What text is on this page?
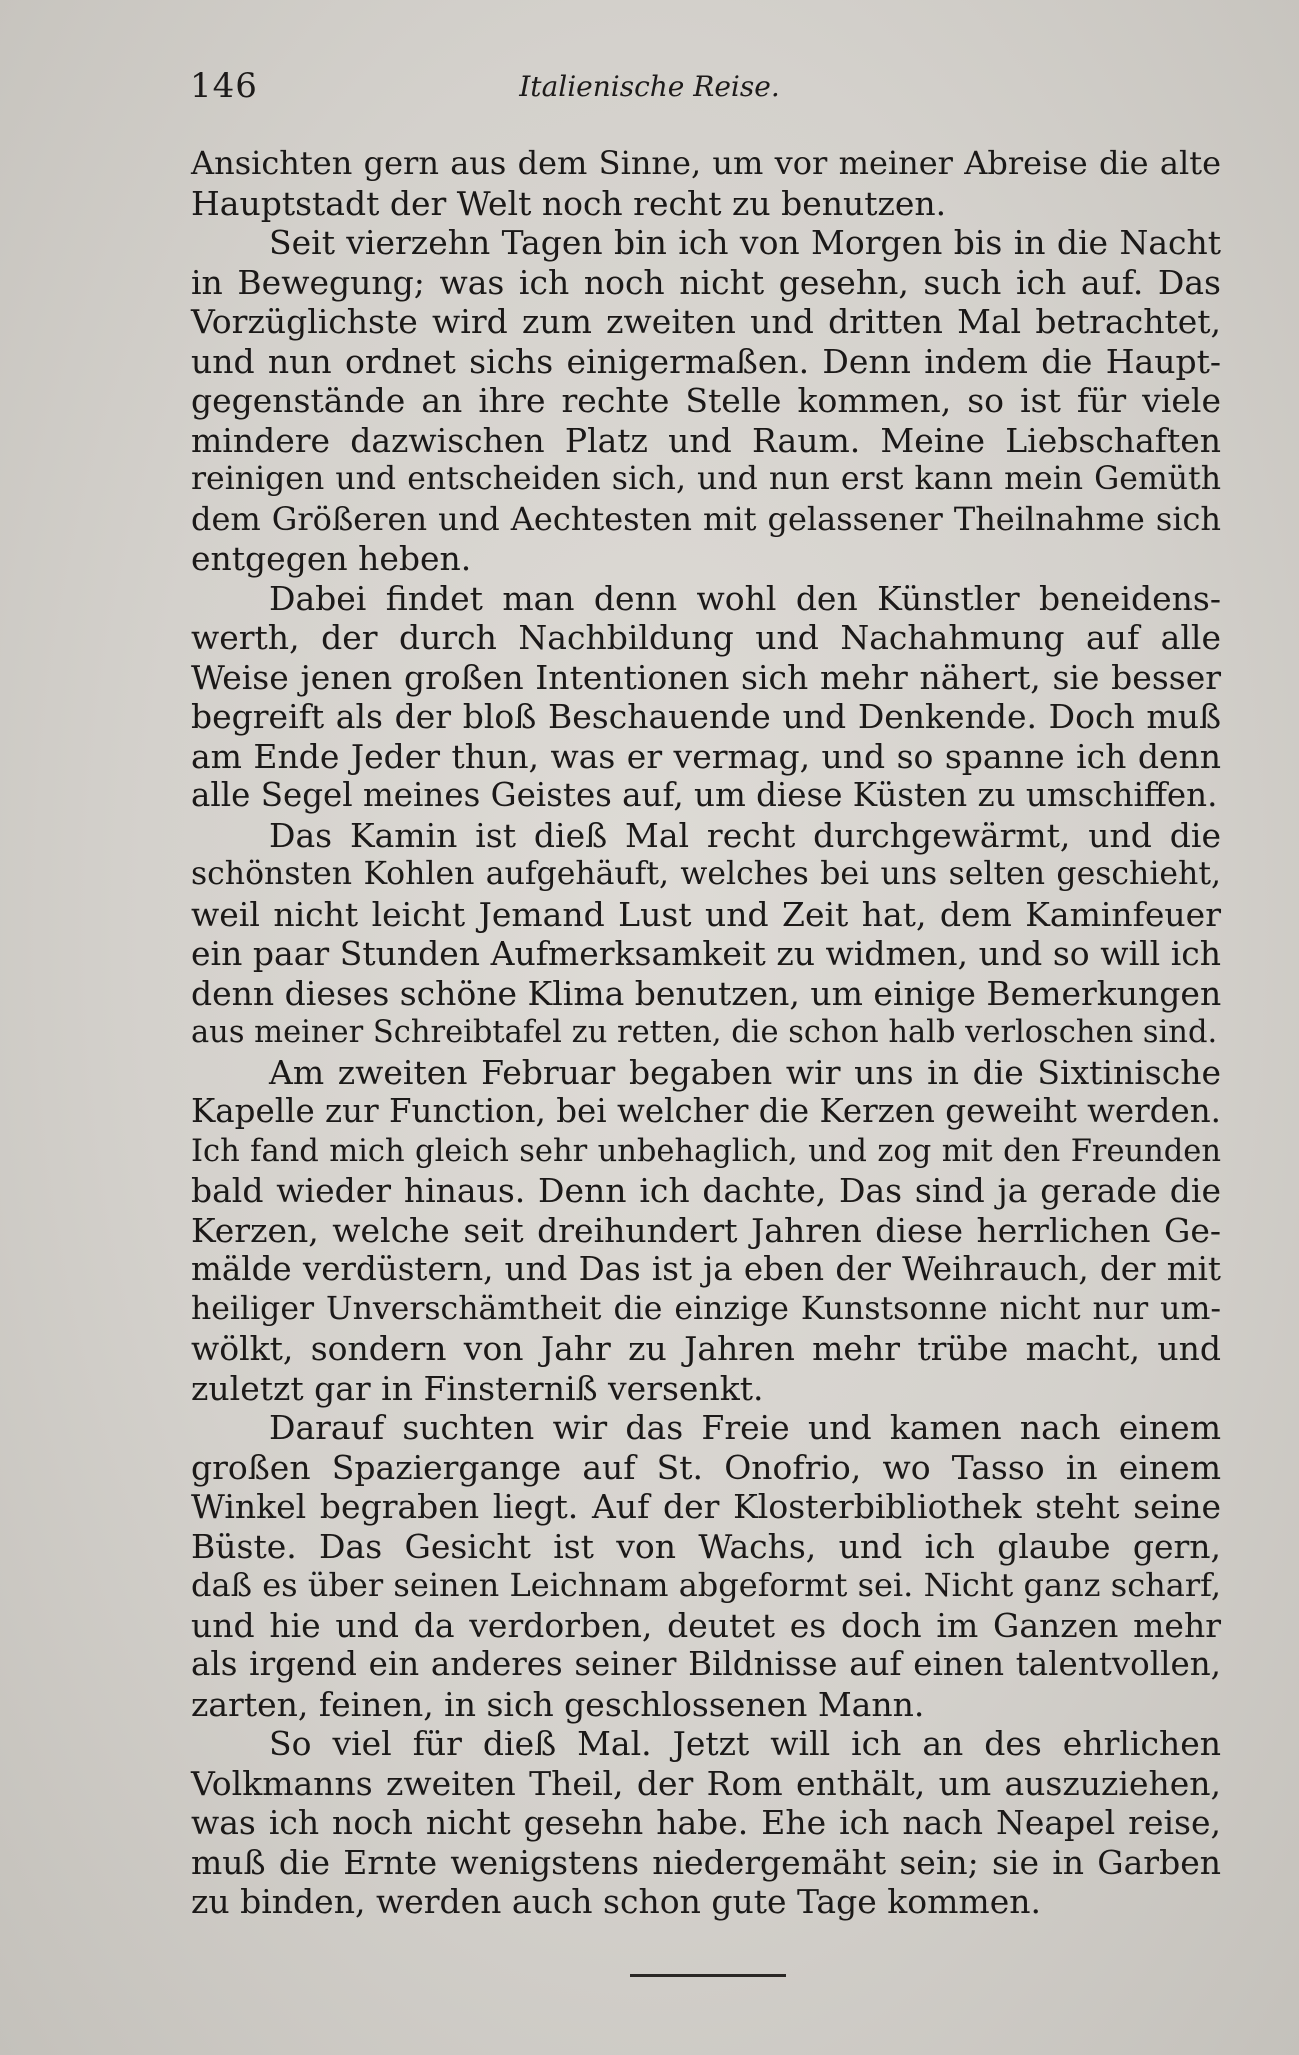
146	Italienische Reise.

Ansichten gern aus dem Sinne, um vor meiner Abreise die alte
Hauptstadt der Welt noch recht zu benutzen.

Seit vierzehn Tagen bin ich von Morgen bis in die Nacht
in Bewegung; was ich noch nicht gesehn, such ich auf. Das
Vorzüglichste wird zum zweiten und dritten Mal betrachtet,
und nun ordnet sichs einigermaßen. Denn indem die Haupt-
gegenstände an ihre rechte Stelle kommen, so ist für viele
mindere dazwischen Platz und Raum. Meine Liebschaften
reinigen und entscheiden sich, und nun erst kann mein Gemüth
dem Größeren und Aechtesten mit gelassener Theilnahme sich
entgegen heben.

Dabei findet man denn wohl den Künstler beneidens-
werth, der durch Nachbildung und Nachahmung auf alle
Weise jenen großen Intentionen sich mehr nähert, sie besser
begreift als der bloß Beschauende und Denkende. Doch muß
am Ende Jeder thun, was er vermag, und so spanne ich denn
alle Segel meines Geistes auf, um diese Küsten zu umschiffen.

Das Kamin ist dieß Mal recht durchgewärmt, und die
schönsten Kohlen aufgehäuft, welches bei uns selten geschieht,
weil nicht leicht Jemand Lust und Zeit hat, dem Kaminfeuer
ein paar Stunden Aufmerksamkeit zu widmen, und so will ich
denn dieses schöne Klima benutzen, um einige Bemerkungen
aus meiner Schreibtafel zu retten, die schon halb verloschen sind.

Am zweiten Februar begaben wir uns in die Sixtinische
Kapelle zur Function, bei welcher die Kerzen geweiht werden.
Ich fand mich gleich sehr unbehaglich, und zog mit den Freunden
bald wieder hinaus. Denn ich dachte, Das sind ja gerade die
Kerzen, welche seit dreihundert Jahren diese herrlichen Ge-
mälde verdüstern, und Das ist ja eben der Weihrauch, der mit
heiliger Unverschämtheit die einzige Kunstsonne nicht nur um-
wölkt, sondern von Jahr zu Jahren mehr trübe macht, und
zuletzt gar in Finsterniß versenkt.

Darauf suchten wir das Freie und kamen nach einem
großen Spaziergange auf St. Onofrio, wo Tasso in einem
Winkel begraben liegt. Auf der Klosterbibliothek steht seine
Büste. Das Gesicht ist von Wachs, und ich glaube gern,
daß es über seinen Leichnam abgeformt sei. Nicht ganz scharf,
und hie und da verdorben, deutet es doch im Ganzen mehr
als irgend ein anderes seiner Bildnisse auf einen talentvollen,
zarten, feinen, in sich geschlossenen Mann.

So viel für dieß Mal. Jetzt will ich an des ehrlichen
Volkmanns zweiten Theil, der Rom enthält, um auszuziehen,
was ich noch nicht gesehn habe. Ehe ich nach Neapel reise,
muß die Ernte wenigstens niedergemäht sein; sie in Garben
zu binden, werden auch schon gute Tage kommen.
